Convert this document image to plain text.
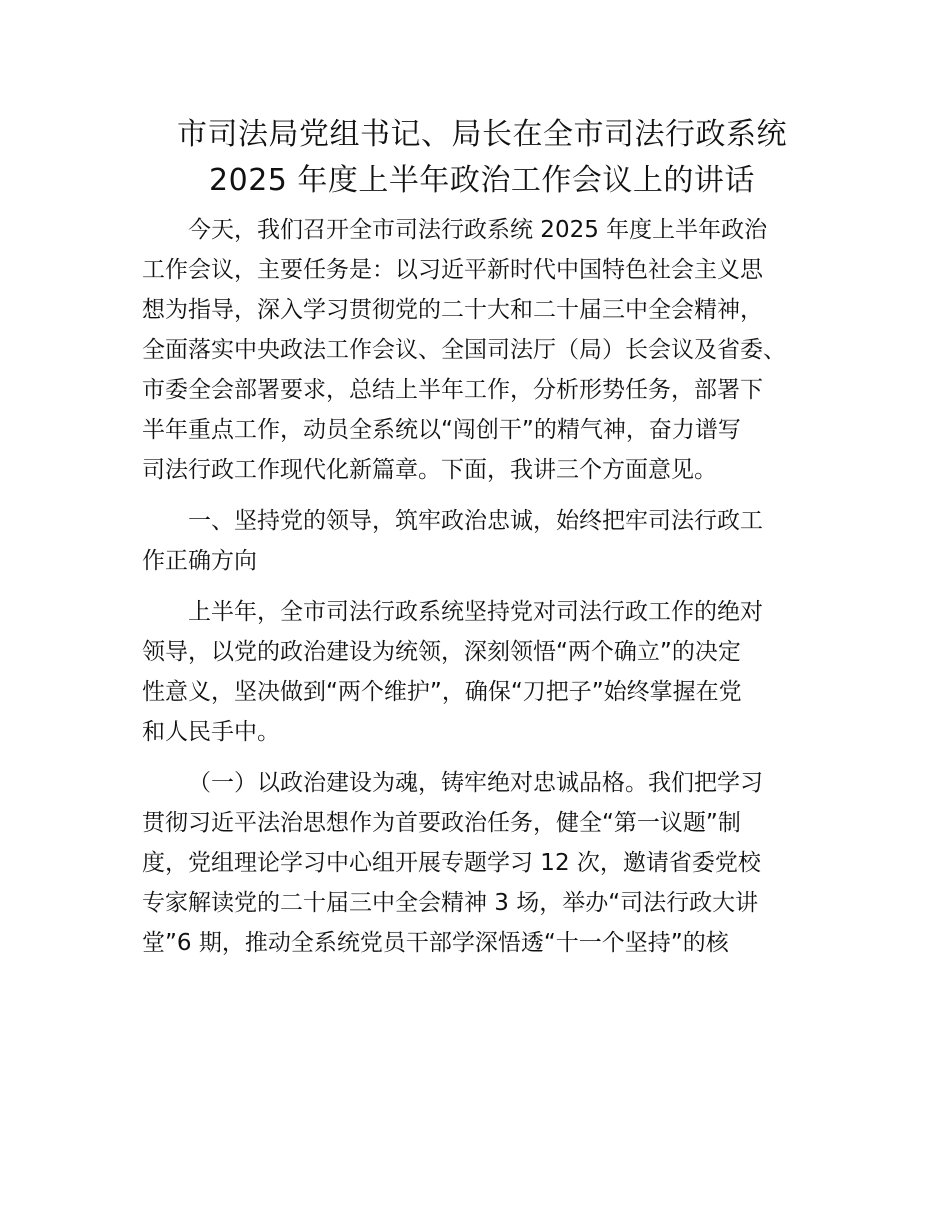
市司法局党组书记、局长在全市司法行政系统
2025 年度上半年政治工作会议上的讲话

今天，我们召开全市司法行政系统 2025 年度上半年政治
工作会议，主要任务是：以习近平新时代中国特色社会主义思
想为指导，深入学习贯彻党的二十大和二十届三中全会精神，
全面落实中央政法工作会议、全国司法厅（局）长会议及省委、
市委全会部署要求，总结上半年工作，分析形势任务，部署下
半年重点工作，动员全系统以“闯创干”的精气神，奋力谱写
司法行政工作现代化新篇章。下面，我讲三个方面意见。

一、坚持党的领导，筑牢政治忠诚，始终把牢司法行政工
作正确方向

上半年，全市司法行政系统坚持党对司法行政工作的绝对
领导，以党的政治建设为统领，深刻领悟“两个确立”的决定
性意义，坚决做到“两个维护”，确保“刀把子”始终掌握在党
和人民手中。

（一）以政治建设为魂，铸牢绝对忠诚品格。我们把学习
贯彻习近平法治思想作为首要政治任务，健全“第一议题”制
度，党组理论学习中心组开展专题学习 12 次，邀请省委党校
专家解读党的二十届三中全会精神 3 场，举办“司法行政大讲
堂”6 期，推动全系统党员干部学深悟透“十一个坚持”的核
